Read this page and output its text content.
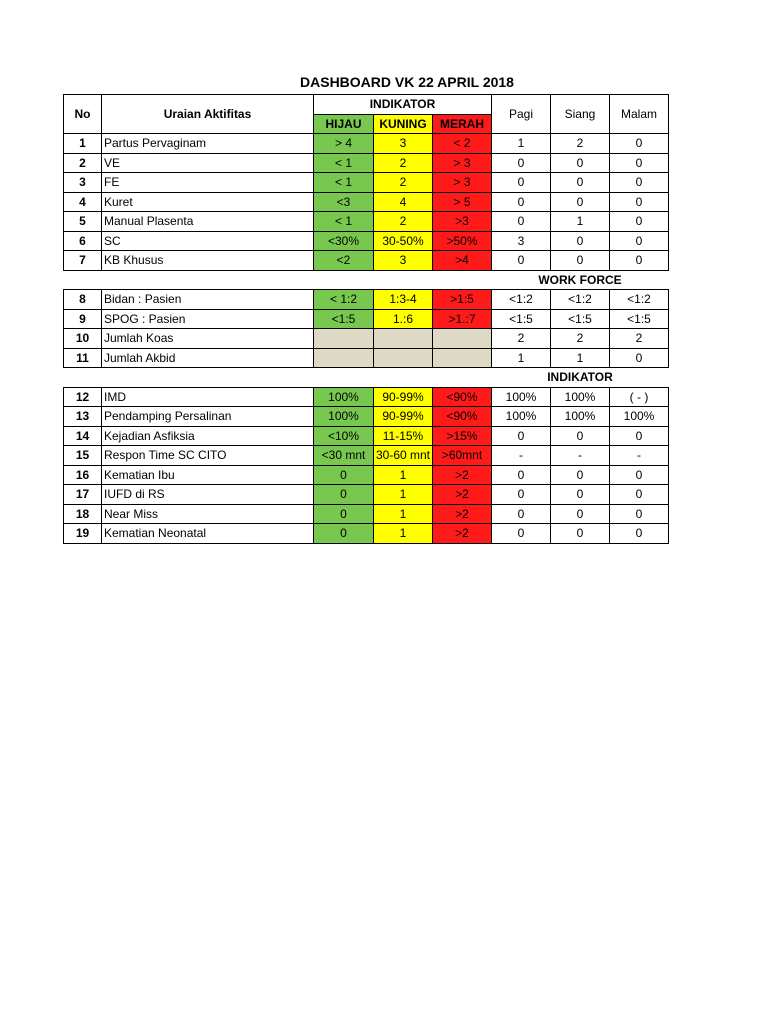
DASHBOARD VK 22 APRIL 2018
No	Uraian Aktifitas	INDIKATOR			Pagi	Siang	Malam
		HIJAU	KUNING	MERAH			
1	Partus Pervaginam	> 4	3	< 2	1	2	0
2	VE	< 1	2	> 3	0	0	0
3	FE	< 1	2	> 3	0	0	0
4	Kuret	<3	4	> 5	0	0	0
5	Manual Plasenta	< 1	2	>3	0	1	0
6	SC	<30%	30-50%	>50%	3	0	0
7	KB Khusus	<2	3	>4	0	0	0
					WORK FORCE		
8	Bidan : Pasien	< 1:2	1:3-4	>1:5	<1:2	<1:2	<1:2
9	SPOG : Pasien	<1:5	1.:6	>1.:7	<1:5	<1:5	<1:5
10	Jumlah Koas				2	2	2
11	Jumlah Akbid				1	1	0
					INDIKATOR		
12	IMD	100%	90-99%	<90%	100%	100%	( - )
13	Pendamping Persalinan	100%	90-99%	<90%	100%	100%	100%
14	Kejadian Asfiksia	<10%	11-15%	>15%	0	0	0
15	Respon Time SC CITO	<30 mnt	30-60 mnt	>60mnt	-	-	-
16	Kematian Ibu	0	1	>2	0	0	0
17	IUFD di RS	0	1	>2	0	0	0
18	Near Miss	0	1	>2	0	0	0
19	Kematian Neonatal	0	1	>2	0	0	0
